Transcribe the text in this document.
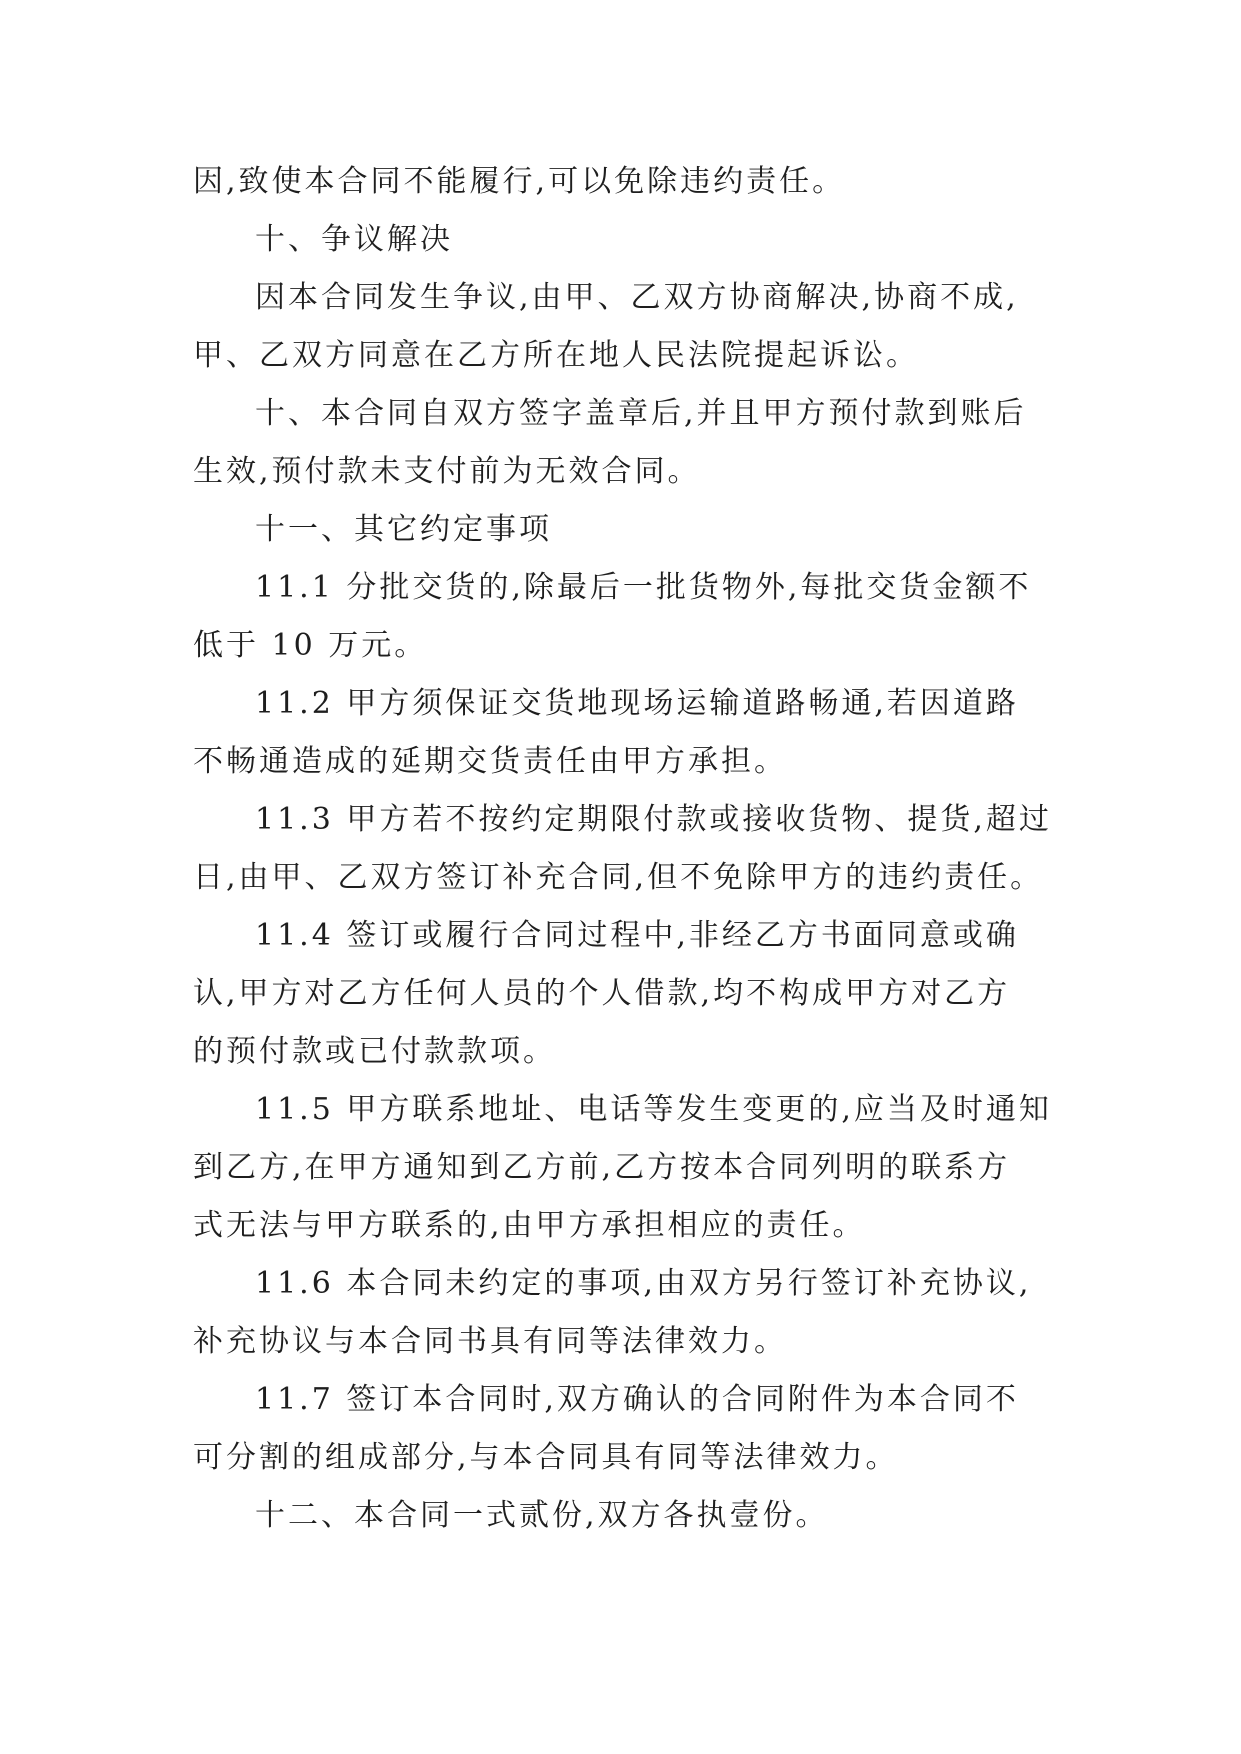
因,致使本合同不能履行,可以免除违约责任。
十、争议解决
因本合同发生争议,由甲、乙双方协商解决,协商不成,
甲、乙双方同意在乙方所在地人民法院提起诉讼。
十、本合同自双方签字盖章后,并且甲方预付款到账后
生效,预付款未支付前为无效合同。
十一、其它约定事项
11.1 分批交货的,除最后一批货物外,每批交货金额不
低于 10 万元。
11.2 甲方须保证交货地现场运输道路畅通,若因道路
不畅通造成的延期交货责任由甲方承担。
11.3 甲方若不按约定期限付款或接收货物、提货,超过
日,由甲、乙双方签订补充合同,但不免除甲方的违约责任。
11.4 签订或履行合同过程中,非经乙方书面同意或确
认,甲方对乙方任何人员的个人借款,均不构成甲方对乙方
的预付款或已付款款项。
11.5 甲方联系地址、电话等发生变更的,应当及时通知
到乙方,在甲方通知到乙方前,乙方按本合同列明的联系方
式无法与甲方联系的,由甲方承担相应的责任。
11.6 本合同未约定的事项,由双方另行签订补充协议,
补充协议与本合同书具有同等法律效力。
11.7 签订本合同时,双方确认的合同附件为本合同不
可分割的组成部分,与本合同具有同等法律效力。
十二、本合同一式贰份,双方各执壹份。
